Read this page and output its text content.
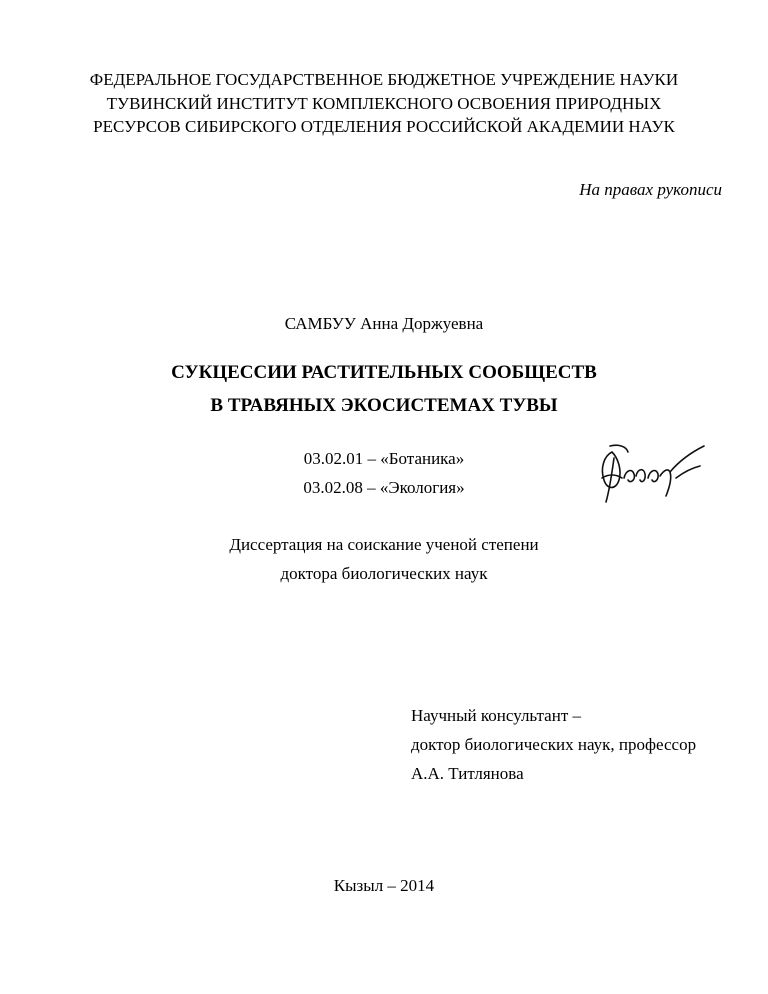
ФЕДЕРАЛЬНОЕ ГОСУДАРСТВЕННОЕ БЮДЖЕТНОЕ УЧРЕЖДЕНИЕ НАУКИ
ТУВИНСКИЙ ИНСТИТУТ КОМПЛЕКСНОГО ОСВОЕНИЯ ПРИРОДНЫХ
РЕСУРСОВ СИБИРСКОГО ОТДЕЛЕНИЯ РОССИЙСКОЙ АКАДЕМИИ НАУК
На правах рукописи
САМБУУ Анна Доржуевна
СУКЦЕССИИ РАСТИТЕЛЬНЫХ СООБЩЕСТВ
В ТРАВЯНЫХ ЭКОСИСТЕМАХ ТУВЫ
03.02.01 – «Ботаника»
03.02.08 – «Экология»
Диссертация на соискание ученой степени
доктора биологических наук
Научный консультант –
доктор биологических наук, профессор
А.А. Титлянова
Кызыл – 2014
